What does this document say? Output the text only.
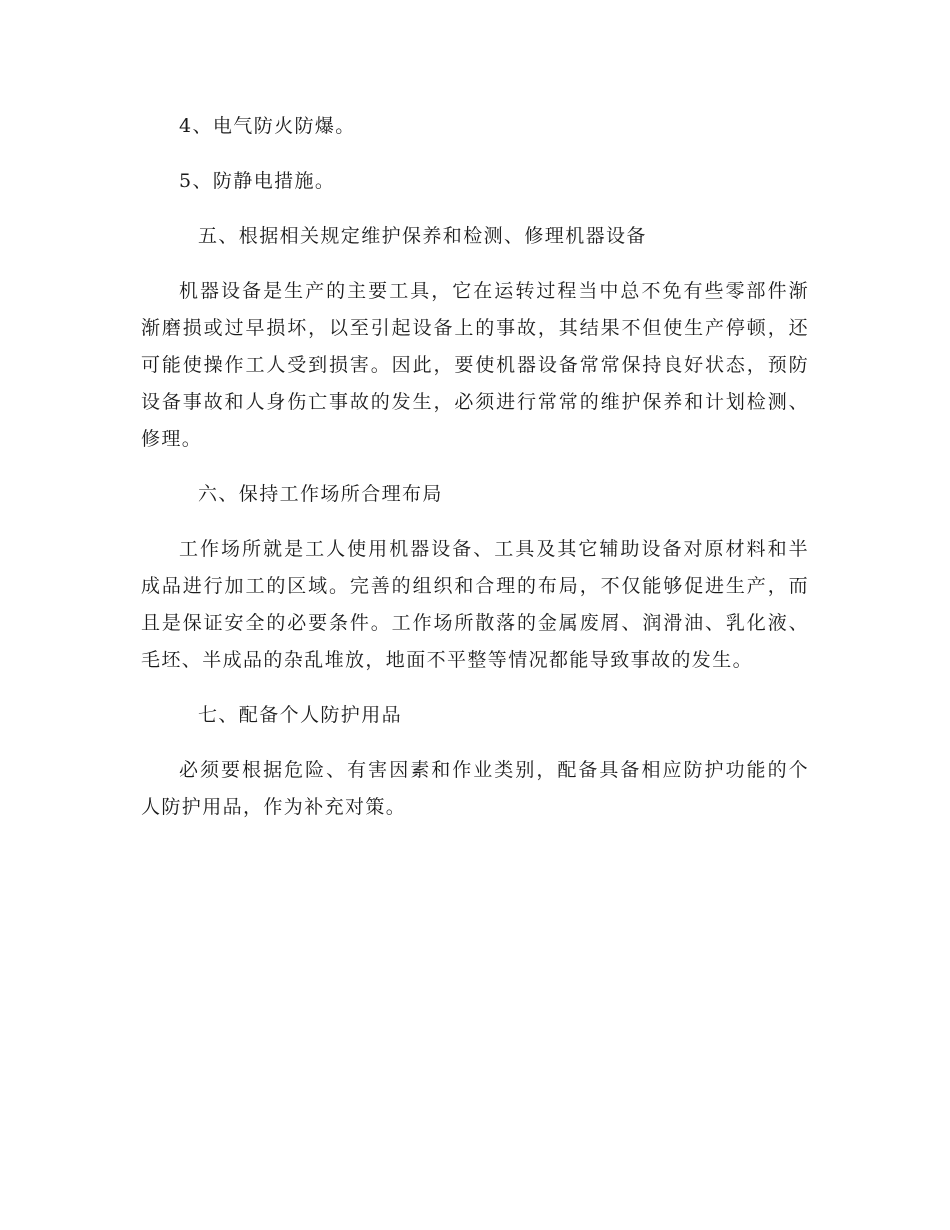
4、电气防火防爆。

5、防静电措施。

五、根据相关规定维护保养和检测、修理机器设备

机器设备是生产的主要工具，它在运转过程当中总不免有些零部件渐渐磨损或过早损坏，以至引起设备上的事故，其结果不但使生产停顿，还可能使操作工人受到损害。因此，要使机器设备常常保持良好状态，预防设备事故和人身伤亡事故的发生，必须进行常常的维护保养和计划检测、修理。

六、保持工作场所合理布局

工作场所就是工人使用机器设备、工具及其它辅助设备对原材料和半成品进行加工的区域。完善的组织和合理的布局，不仅能够促进生产，而且是保证安全的必要条件。工作场所散落的金属废屑、润滑油、乳化液、毛坯、半成品的杂乱堆放，地面不平整等情况都能导致事故的发生。

七、配备个人防护用品

必须要根据危险、有害因素和作业类别，配备具备相应防护功能的个人防护用品，作为补充对策。
